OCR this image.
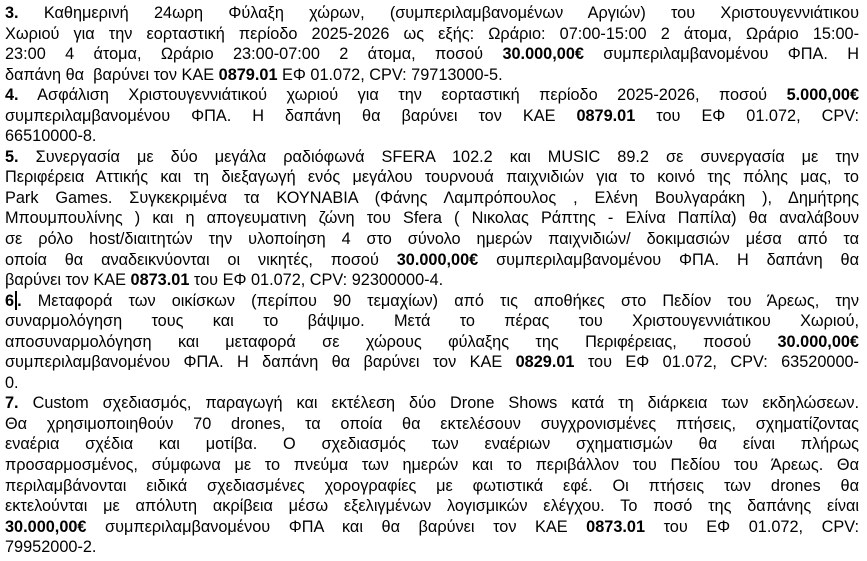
3. Καθημερινή 24ωρη Φύλαξη χώρων, (συμπεριλαμβανομένων Αργιών) του Χριστουγεννιάτικου
Χωριού για την εορταστική περίοδο 2025-2026 ως εξής: Ωράριο: 07:00-15:00 2 άτομα, Ωράριο 15:00-
23:00 4 άτομα, Ωράριο 23:00-07:00 2 άτομα, ποσού 30.000,00€ συμπεριλαμβανομένου ΦΠΑ. Η
δαπάνη θα  βαρύνει τον ΚΑΕ 0879.01 ΕΦ 01.072, CPV: 79713000-5.
4. Ασφάλιση Χριστουγεννιάτικού χωριού για την εορταστική περίοδο 2025-2026, ποσού 5.000,00€
συμπεριλαμβανομένου ΦΠΑ. Η δαπάνη θα βαρύνει τον ΚΑΕ 0879.01 του ΕΦ 01.072, CPV:
66510000-8.
5. Συνεργασία με δύο μεγάλα ραδιόφωνά SFERA 102.2 και MUSIC 89.2 σε συνεργασία με την
Περιφέρεια Αττικής και τη διεξαγωγή ενός μεγάλου τουρνουά παιχνιδιών για το κοινό της πόλης μας, το
Park Games. Συγκεκριμένα τα ΚΟΥΝΑΒΙΑ (Φάνης Λαμπρόπουλος , Ελένη Βουλγαράκη ), Δημήτρης
Μπουμπουλίνης ) και η απογευματινη ζώνη του Sfera ( Νικολας Ράπτης - Ελίνα Παπίλα) θα αναλάβουν
σε ρόλο host/διαιτητών την υλοποίηση 4 στο σύνολο ημερών παιχνιδιών/ δοκιμασιών μέσα από τα
οποία θα αναδεικνύονται οι νικητές, ποσού 30.000,00€ συμπεριλαμβανομένου ΦΠΑ. Η δαπάνη θα
βαρύνει τον ΚΑΕ 0873.01 του ΕΦ 01.072, CPV: 92300000-4.
6 . Μεταφορά των οικίσκων (περίπου 90 τεμαχίων) από τις αποθήκες στο Πεδίον του Άρεως, την
συναρμολόγηση τους και το βάψιμο. Μετά το πέρας του Χριστουγεννιάτικου Χωριού,
αποσυναρμολόγηση και μεταφορά σε χώρους φύλαξης της Περιφέρειας, ποσού 30.000,00€
συμπεριλαμβανομένου ΦΠΑ. Η δαπάνη θα βαρύνει τον ΚΑΕ 0829.01 του ΕΦ 01.072, CPV: 63520000-
0.
7. Custom σχεδιασμός, παραγωγή και εκτέλεση δύο Drone Shows κατά τη διάρκεια των εκδηλώσεων.
Θα χρησιμοποιηθούν 70 drones, τα οποία θα εκτελέσουν συγχρονισμένες πτήσεις, σχηματίζοντας
εναέρια σχέδια και μοτίβα. Ο σχεδιασμός των εναέριων σχηματισμών θα είναι πλήρως
προσαρμοσμένος, σύμφωνα με το πνεύμα των ημερών και το περιβάλλον του Πεδίου του Άρεως. Θα
περιλαμβάνονται ειδικά σχεδιασμένες χορογραφίες με φωτιστικά εφέ. Οι πτήσεις των drones θα
εκτελούνται με απόλυτη ακρίβεια μέσω εξελιγμένων λογισμικών ελέγχου. Το ποσό της δαπάνης είναι
30.000,00€ συμπεριλαμβανομένου ΦΠΑ και θα βαρύνει τον ΚΑΕ 0873.01 του ΕΦ 01.072, CPV:
79952000-2.
